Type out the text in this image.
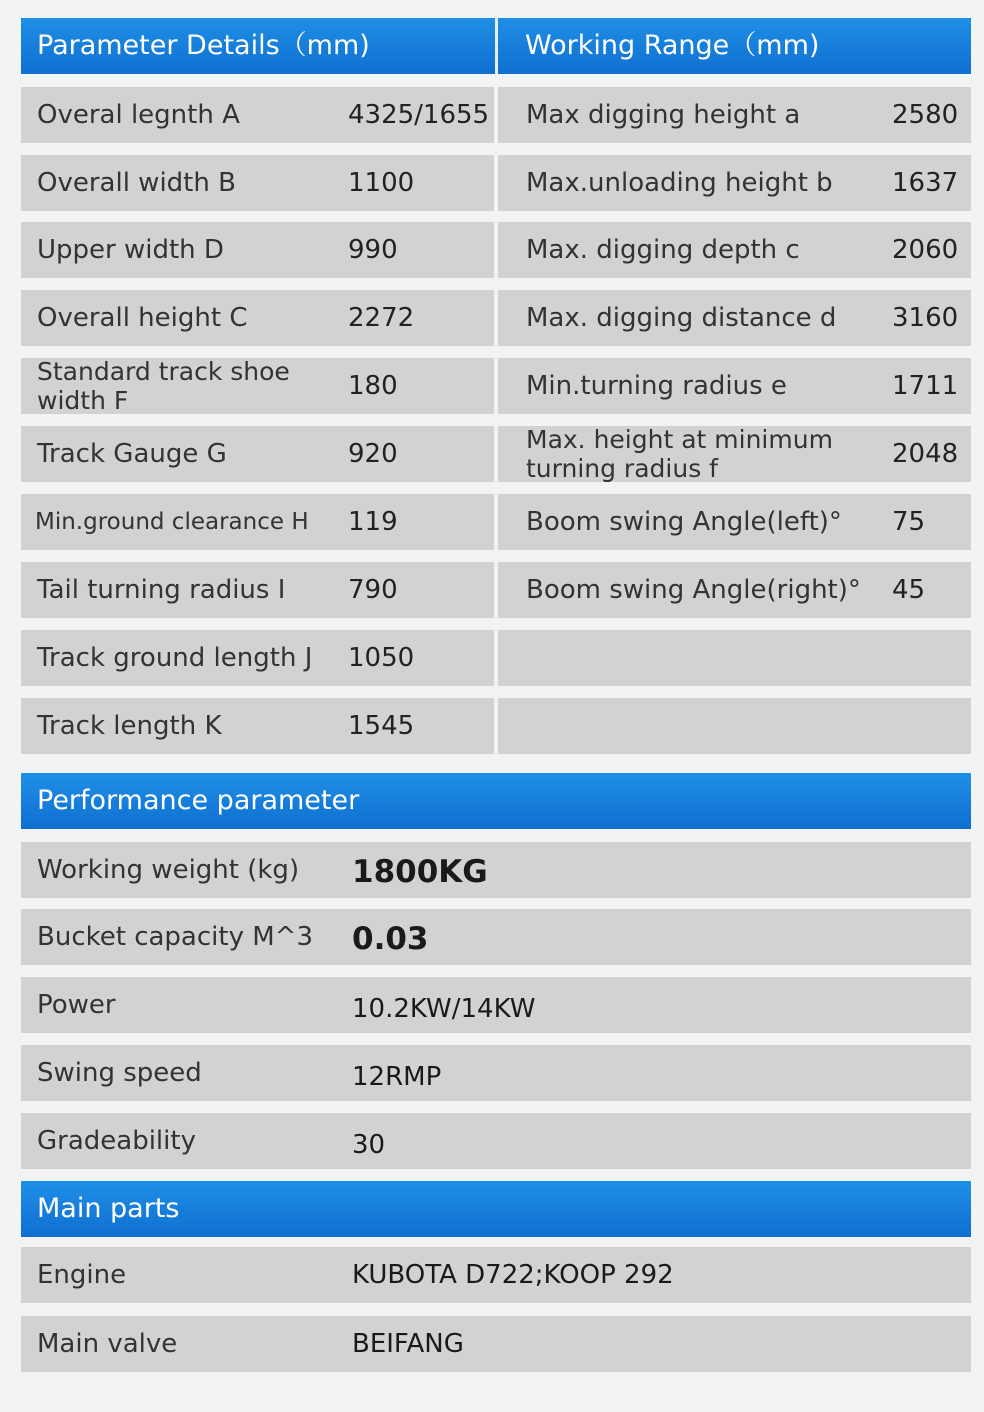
Parameter Details（mm)	Working Range（mm)
Overal legnth A	4325/1655 Max digging height a	2580
Overall width B	1100	Max.unloading height b 1637
Upper width D	990	Max. digging depth c	2060
Overall height C	2272	Max. digging distance d 3160
Standard track shoe width F	180	Min.turning radius e	1711
Track Gauge G	920	Max. height at minimum turning radius f	2048
Min.ground clearance H 119	Boom swing Angle(left)° 75
Tail turning radius I 790	Boom swing Angle(right)° 45
Track ground length J 1050
Track length K	1545
Performance parameter
Working weight (kg) 1800KG
Bucket capacity M^3 0.03
Power	10.2KW/14KW
Swing speed	12RMP
Gradeability	30
Main parts
Engine	KUBOTA D722;KOOP 292
Main valve	BEIFANG
